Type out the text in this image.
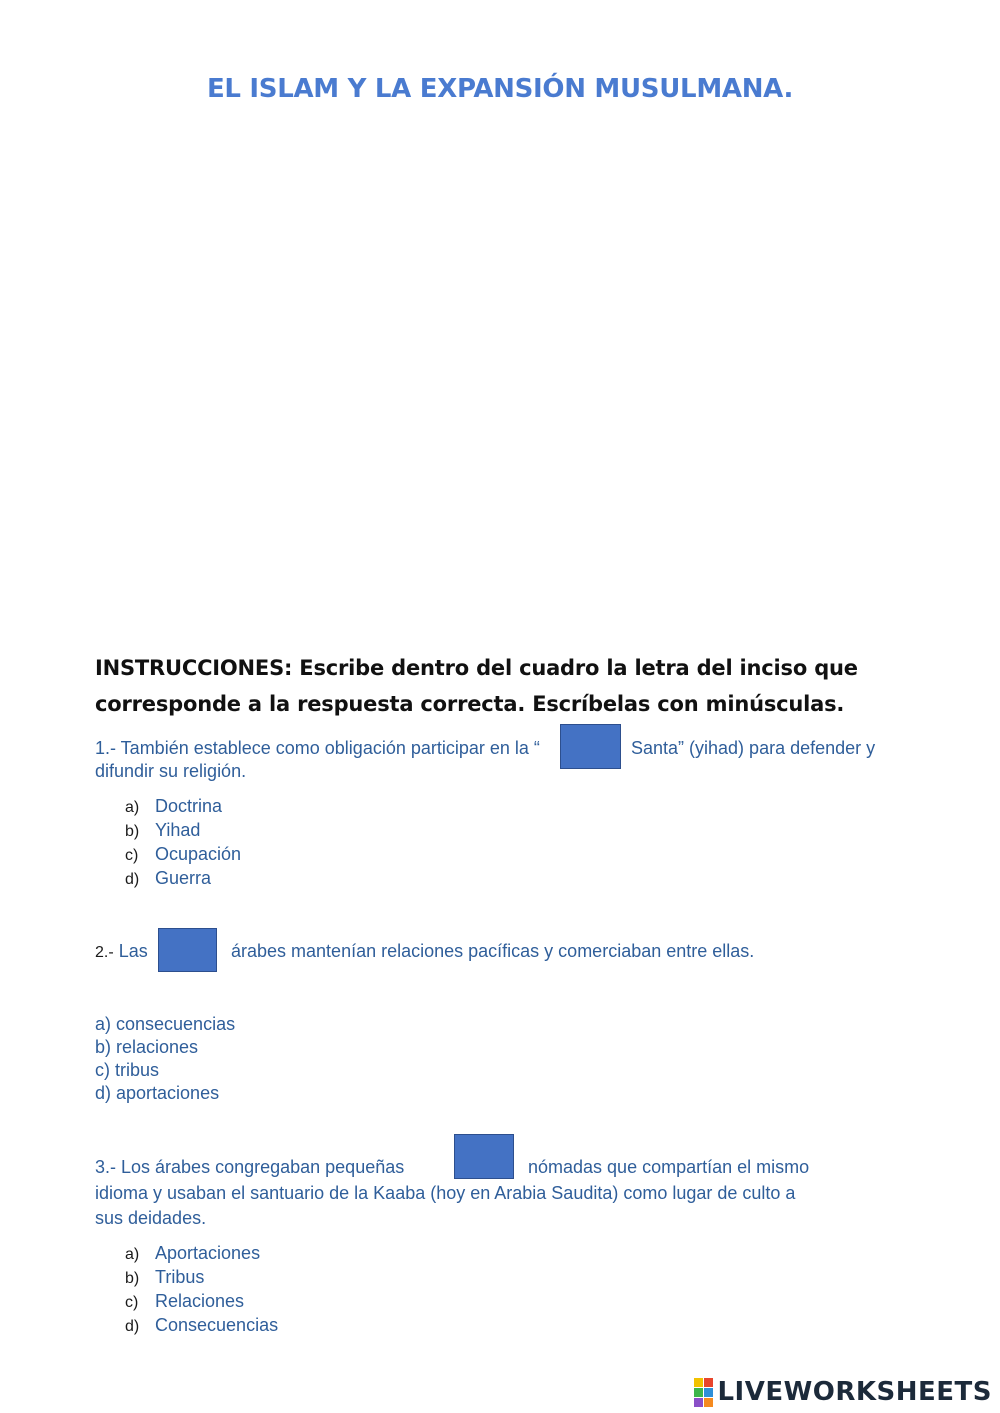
EL ISLAM Y LA EXPANSIÓN MUSULMANA.
INSTRUCCIONES: Escribe dentro del cuadro la letra del inciso que
corresponde a la respuesta correcta. Escríbelas con minúsculas.
1.- También establece como obligación participar en la “	Santa” (yihad) para defender y
difundir su religión.
a) Doctrina
b) Yihad
c) Ocupación
d) Guerra
2.- Las	árabes mantenían relaciones pacíficas y comerciaban entre ellas.
a) consecuencias
b) relaciones
c) tribus
d) aportaciones
3.- Los árabes congregaban pequeñas	nómadas que compartían el mismo
idioma y usaban el santuario de la Kaaba (hoy en Arabia Saudita) como lugar de culto a
sus deidades.
a) Aportaciones
b) Tribus
c) Relaciones
d) Consecuencias
LIVEWORKSHEETS
